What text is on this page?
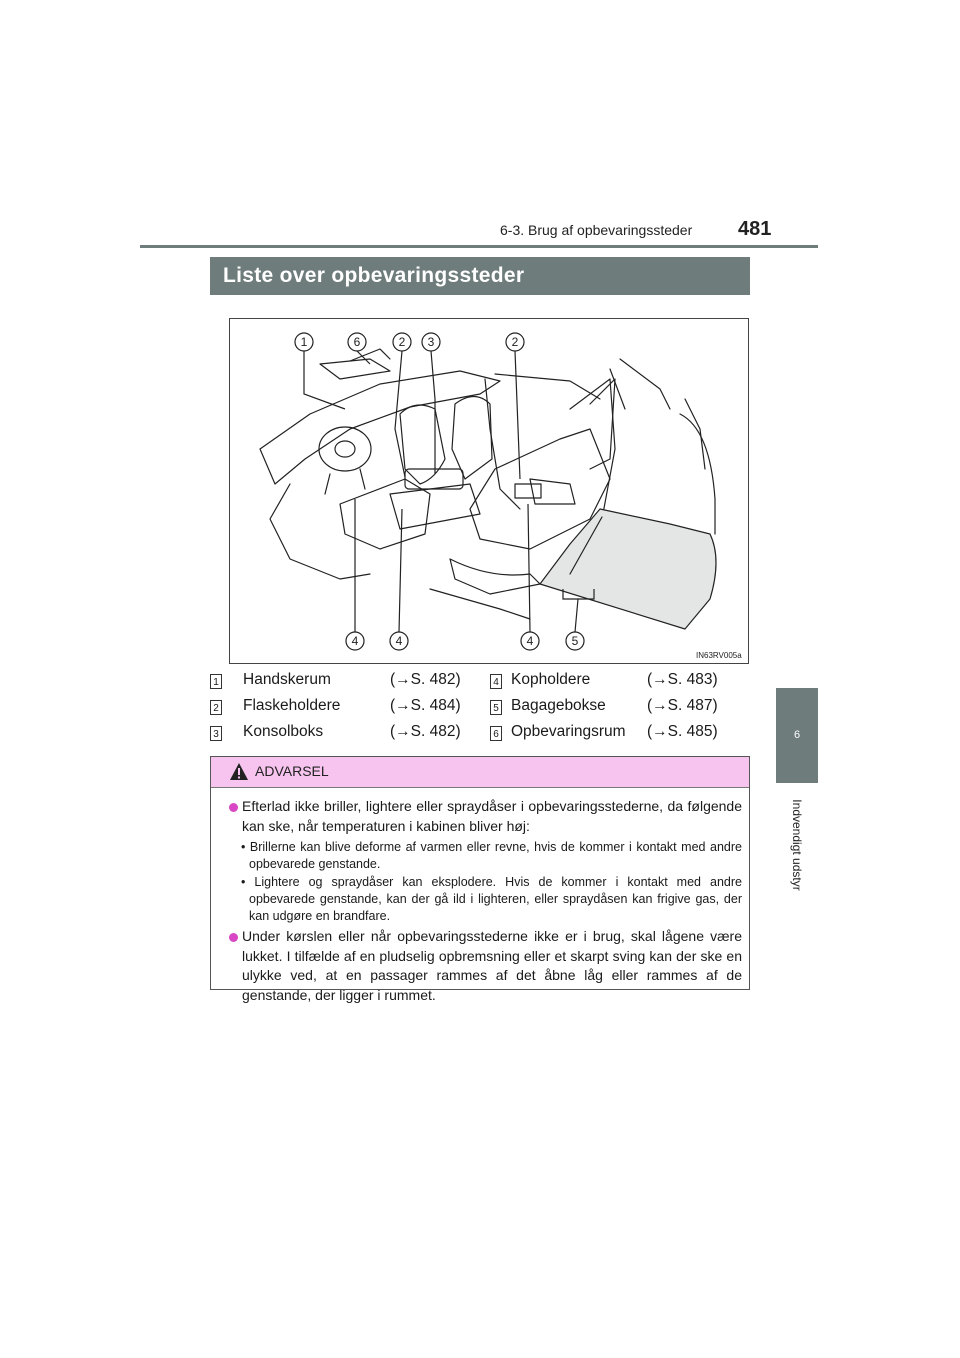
6-3. Brug af opbevaringssteder 481
6
Indvendigt udstyr
Liste over opbevaringssteder
1	6	2 3	2
4	4	4	5
IN63RV005a
1 Handskerum	(→S. 482)
2 Flaskeholdere	(→S. 484)
3 Konsolboks	(→S. 482)
4 Kopholdere	(→S. 483)
5 Bagagebokse	(→S. 487)
6 Opbevaringsrum (→S. 485)
ADVARSEL
Efterlad ikke briller, lightere eller spraydåser i opbevaringsstederne, da følgende kan ske, når temperaturen i kabinen bliver høj:
• Brillerne kan blive deforme af varmen eller revne, hvis de kommer i kontakt med andre opbevarede genstande.
• Lightere og spraydåser kan eksplodere. Hvis de kommer i kontakt med andre opbevarede genstande, kan der gå ild i lighteren, eller spraydåsen kan frigive gas, der kan udgøre en brandfare.
Under kørslen eller når opbevaringsstederne ikke er i brug, skal lågene være lukket. I tilfælde af en pludselig opbremsning eller et skarpt sving kan der ske en ulykke ved, at en passager rammes af det åbne låg eller rammes af de genstande, der ligger i rummet.
